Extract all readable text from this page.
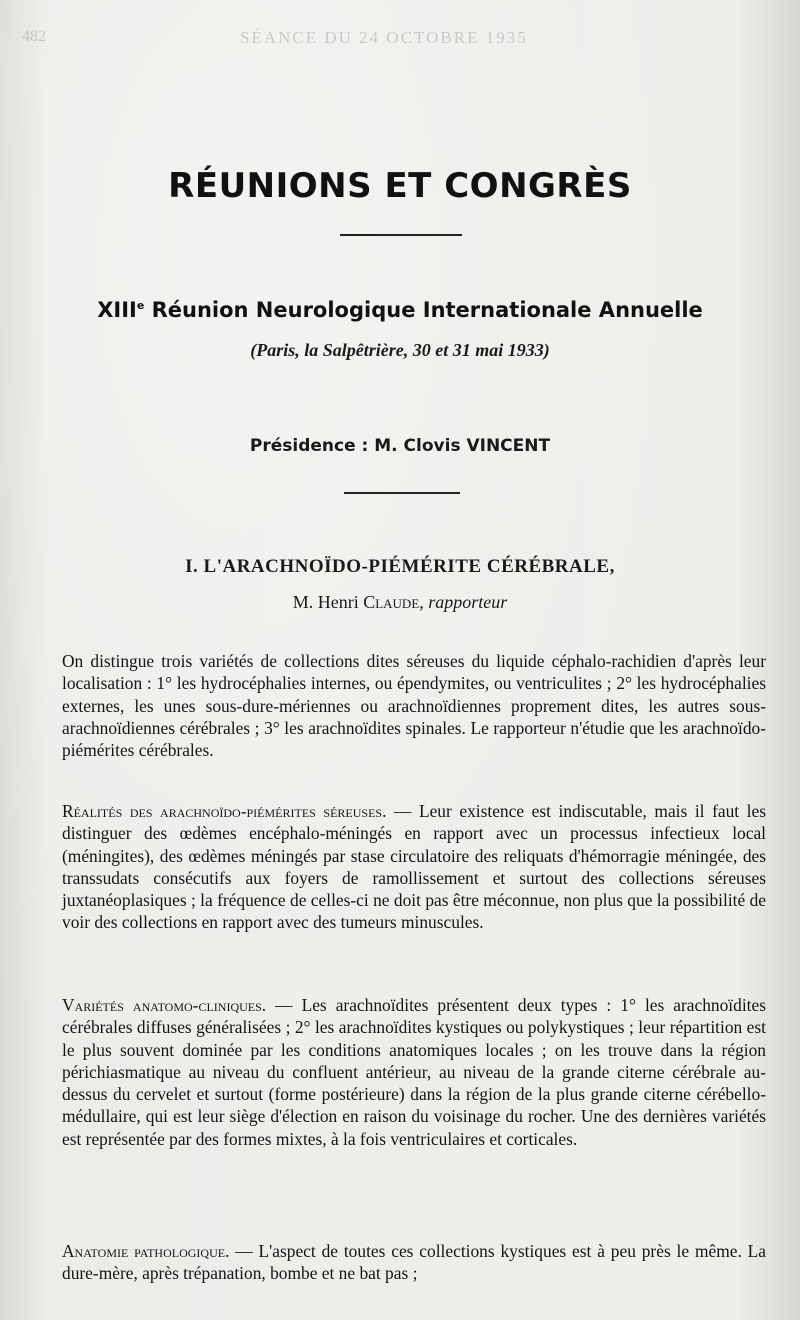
482	SÉANCE DU 24 OCTOBRE 1935
RÉUNIONS ET CONGRÈS
XIIIe Réunion Neurologique Internationale Annuelle
(Paris, la Salpêtrière, 30 et 31 mai 1933)
Présidence : M. Clovis VINCENT
I. L'ARACHNOÏDO-PIÉMÉRITE CÉRÉBRALE,
M. Henri Claude, rapporteur

On distingue trois variétés de collections dites séreuses du liquide céphalo-rachidien d'après leur localisation : 1° les hydrocéphalies internes, ou épendymites, ou ventriculites ; 2° les hydrocéphalies externes, les unes sous-dure-mériennes ou arachnoïdiennes proprement dites, les autres sous-arachnoïdiennes cérébrales ; 3° les arachnoïdites spinales. Le rapporteur n'étudie que les arachnoïdo-piémérites cérébrales.

Réalités des arachnoïdo-piémérites séreuses. — Leur existence est indiscutable, mais il faut les distinguer des œdèmes encéphalo-méningés en rapport avec un processus infectieux local (méningites), des œdèmes méningés par stase circulatoire des reliquats d'hémorragie méningée, des transsudats consécutifs aux foyers de ramollissement et surtout des collections séreuses juxtanéoplasiques ; la fréquence de celles-ci ne doit pas être méconnue, non plus que la possibilité de voir des collections en rapport avec des tumeurs minuscules.

Variétés anatomo-cliniques. — Les arachnoïdites présentent deux types : 1° les arachnoïdites cérébrales diffuses généralisées ; 2° les arachnoïdites kystiques ou polykystiques ; leur répartition est le plus souvent dominée par les conditions anatomiques locales ; on les trouve dans la région périchiasmatique au niveau du confluent antérieur, au niveau de la grande citerne cérébrale au-dessus du cervelet et surtout (forme postérieure) dans la région de la plus grande citerne cérébello-médullaire, qui est leur siège d'élection en raison du voisinage du rocher. Une des dernières variétés est représentée par des formes mixtes, à la fois ventriculaires et corticales.

Anatomie pathologique. — L'aspect de toutes ces collections kystiques est à peu près le même. La dure-mère, après trépanation, bombe et ne bat pas ;
